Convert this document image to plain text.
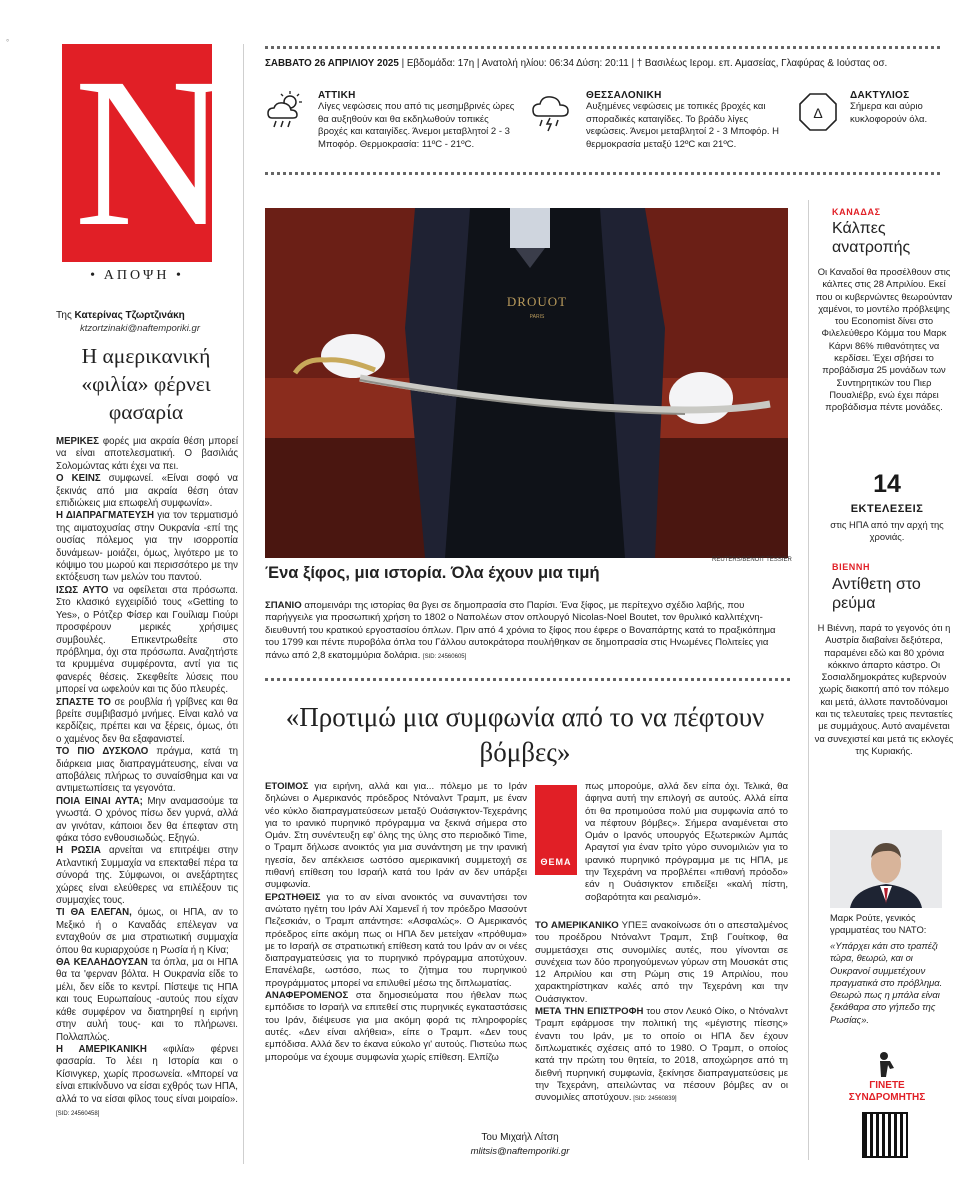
N
• ΑΠΟΨΗ •
Της Κατερίνας Τζωρτζινάκη
ktzortzinaki@naftemporiki.gr
Η αμερικανική «φιλία» φέρνει φασαρία

ΜΕΡΙΚΕΣ φορές μια ακραία θέση μπορεί να είναι αποτελεσματική. Ο βασιλιάς Σολομώντας κάτι έχει να πει.

Ο ΚΕΙΝΣ συμφωνεί. «Είναι σοφό να ξεκινάς από μια ακραία θέση όταν επιδιώκεις μια επωφελή συμφωνία».

Η ΔΙΑΠΡΑΓΜΑΤΕΥΣΗ για τον τερματισμό της αιματοχυσίας στην Ουκρανία -επί της ουσίας πόλεμος για την ισορροπία δυνάμεων- μοιάζει, όμως, λιγότερο με το κόψιμο του μωρού και περισσότερο με την εκτόξευση των μελών του παντού.

ΙΣΩΣ ΑΥΤΟ να οφείλεται στα πρόσωπα. Στο κλασικό εγχειρίδιό τους «Getting to Yes», ο Ρότζερ Φίσερ και Γουίλιαμ Γιούρι προσφέρουν μερικές χρήσιμες συμβουλές. Επικεντρωθείτε στο πρόβλημα, όχι στα πρόσωπα. Αναζητήστε τα κρυμμένα συμφέροντα, αντί για τις φανερές θέσεις. Σκεφθείτε λύσεις που μπορεί να ωφελούν και τις δύο πλευρές.

ΣΠΑΣΤΕ ΤΟ σε ρουβλία ή γρίβνες και θα βρείτε συμβιβασμό μνήμες. Είναι καλό να κερδίζεις, πρέπει και να ξέρεις, όμως, ότι ο χαμένος δεν θα εξαφανιστεί.

ΤΟ ΠΙΟ ΔΥΣΚΟΛΟ πράγμα, κατά τη διάρκεια μιας διαπραγμάτευσης, είναι να αποβάλεις πλήρως το συναίσθημα και να αντιμετωπίσεις τα γεγονότα.

ΠΟΙΑ ΕΙΝΑΙ ΑΥΤΑ; Μην αναμασούμε τα γνωστά. Ο χρόνος πίσω δεν γυρνά, αλλά αν γινόταν, κάποιοι δεν θα έπεφταν στη φάκα τόσο ενθουσιωδώς. Εξηγώ.

Η ΡΩΣΙΑ αρνείται να επιτρέψει στην Ατλαντική Συμμαχία να επεκταθεί πέρα τα σύνορά της. Σύμφωνοι, οι ανεξάρτητες χώρες είναι ελεύθερες να επιλέξουν τις συμμαχίες τους.

ΤΙ ΘΑ ΕΛΕΓΑΝ, όμως, οι ΗΠΑ, αν το Μεξικό ή ο Καναδάς επέλεγαν να ενταχθούν σε μια στρατιωτική συμμαχία όπου θα κυριαρχούσε η Ρωσία ή η Κίνα;

ΘΑ ΚΕΛΑΗΔΟΥΣΑΝ τα όπλα, μα οι ΗΠΑ θα τα 'φερναν βόλτα. Η Ουκρανία είδε το μέλι, δεν είδε το κεντρί. Πίστεψε τις ΗΠΑ και τους Ευρωπαίους -αυτούς που είχαν κάθε συμφέρον να διατηρηθεί η ειρήνη στην αυλή τους- και το πλήρωνει. Πολλαπλώς.

Η ΑΜΕΡΙΚΑΝΙΚΗ «φιλία» φέρνει φασαρία. Το λέει η Ιστορία και ο Κίσινγκερ, χωρίς προσωνεία. «Μπορεί να είναι επικίνδυνο να είσαι εχθρός των ΗΠΑ, αλλά το να είσαι φίλος τους είναι μοιραίο». [SID: 24560458]

ΣΑΒΒΑΤΟ 26 ΑΠΡΙΛΙΟΥ 2025 | Εβδομάδα: 17η | Ανατολή ηλίου: 06:34 Δύση: 20:11 | † Βασιλέως Ιερομ. επ. Αμασείας, Γλαφύρας & Ιούστας οσ.
Δ
ΑΤΤΙΚΗ
Λίγες νεφώσεις που από τις μεσημβρινές ώρες θα αυξηθούν και θα εκδηλωθούν τοπικές βροχές και καταιγίδες. Άνεμοι μεταβλητοί 2 - 3 Μποφόρ. Θερμοκρασία: 11ºC - 21ºC.
ΘΕΣΣΑΛΟΝΙΚΗ
Αυξημένες νεφώσεις με τοπικές βροχές και σποραδικές καταιγίδες. Το βράδυ λίγες νεφώσεις. Άνεμοι μεταβλητοί 2 - 3 Μποφόρ. Η θερμοκρασία μεταξύ 12ºC και 21ºC.
ΔΑΚΤΥΛΙΟΣ
Σήμερα και αύριο κυκλοφορούν όλα.
DROUOT
PARIS
REUTERS/BENOIT TESSIER
Ένα ξίφος, μια ιστορία. Όλα έχουν μια τιμή
ΣΠΑΝΙΟ απομεινάρι της ιστορίας θα βγει σε δημοπρασία στο Παρίσι. Ένα ξίφος, με περίτεχνο σχέδιο λαβής, που παρήγγειλε για προσωπική χρήση το 1802 ο Ναπολέων στον οπλουργό Nicolas-Noel Boutet, τον θρυλικό καλλιτέχνη-διευθυντή του κρατικού εργοστασίου όπλων. Πριν από 4 χρόνια το ξίφος που έφερε ο Βοναπάρτης κατά το πραξικόπημα του 1799 και πέντε πυροβόλα όπλα του Γάλλου αυτοκράτορα πουλήθηκαν σε δημοπρασία στις Ηνωμένες Πολιτείες για πάνω από 2,8 εκατομμύρια δολάρια. [SID: 24560605]
«Προτιμώ μια συμφωνία από το να πέφτουν βόμβες»

ΕΤΟΙΜΟΣ για ειρήνη, αλλά και για... πόλεμο με το Ιράν δηλώνει ο Αμερικανός πρόεδρος Ντόναλντ Τραμπ, με έναν νέο κύκλο διαπραγματεύσεων μεταξύ Ουάσιγκτον-Τεχεράνης για το ιρανικό πυρηνικό πρόγραμμα να ξεκινά σήμερα στο Ομάν. Στη συνέντευξη εφ' όλης της ύλης στο περιοδικό Time, ο Τραμπ δήλωσε ανοικτός για μια συνάντηση με την ιρανική ηγεσία, δεν απέκλεισε ωστόσο αμερικανική συμμετοχή σε πιθανή επίθεση του Ισραήλ κατά του Ιράν αν δεν υπάρξει συμφωνία.

ΕΡΩΤΗΘΕΙΣ για το αν είναι ανοικτός να συναντήσει τον ανώτατο ηγέτη του Ιράν Αλί Χαμενεΐ ή τον πρόεδρο Μασούντ Πεζεσκιάν, ο Τραμπ απάντησε: «Ασφαλώς». Ο Αμερικανός πρόεδρος είπε ακόμη πως οι ΗΠΑ δεν μετείχαν «πρόθυμα» με το Ισραήλ σε στρατιωτική επίθεση κατά του Ιράν αν οι νέες διαπραγματεύσεις για το πυρηνικό πρόγραμμα αποτύχουν. Επανέλαβε, ωστόσο, πως το ζήτημα του πυρηνικού προγράμματος μπορεί να επιλυθεί μέσω της διπλωματίας.

ΑΝΑΦΕΡΟΜΕΝΟΣ στα δημοσιεύματα που ήθελαν πως εμπόδισε το Ισραήλ να επιτεθεί στις πυρηνικές εγκαταστάσεις του Ιράν, διέψευσε για μια ακόμη φορά τις πληροφορίες αυτές. «Δεν είναι αλήθεια», είπε ο Τραμπ. «Δεν τους εμπόδισα. Αλλά δεν το έκανα εύκολο γι' αυτούς. Πιστεύω πως μπορούμε να έχουμε συμφωνία χωρίς επίθεση. Ελπίζω

ΘΕΜΑ
πως μπορούμε, αλλά δεν είπα όχι. Τελικά, θα άφηνα αυτή την επιλογή σε αυτούς. Αλλά είπα ότι θα προτιμούσα πολύ μια συμφωνία από το να πέφτουν βόμβες». Σήμερα αναμένεται στο Ομάν ο Ιρανός υπουργός Εξωτερικών Αμπάς Αραγτσί για έναν τρίτο γύρο συνομιλιών για το ιρανικό πυρηνικό πρόγραμμα με τις ΗΠΑ, με την Τεχεράνη να προβλέπει «πιθανή πρόοδο» εάν η Ουάσιγκτον επιδείξει «καλή πίστη, σοβαρότητα και ρεαλισμό».

ΤΟ ΑΜΕΡΙΚΑΝΙΚΟ ΥΠΕΞ ανακοίνωσε ότι ο απεσταλμένος του προέδρου Ντόναλντ Τραμπ, Στιβ Γουίτκοφ, θα συμμετάσχει στις συνομιλίες αυτές, που γίνονται σε συνέχεια των δύο προηγούμενων γύρων στη Μουσκάτ στις 12 Απριλίου και στη Ρώμη στις 19 Απριλίου, που χαρακτηρίστηκαν καλές από την Τεχεράνη και την Ουάσιγκτον.

ΜΕΤΑ ΤΗΝ ΕΠΙΣΤΡΟΦΗ του στον Λευκό Οίκο, ο Ντόναλντ Τραμπ εφάρμοσε την πολιτική της «μέγιστης πίεσης» έναντι του Ιράν, με το οποίο οι ΗΠΑ δεν έχουν διπλωματικές σχέσεις από το 1980. Ο Τραμπ, ο οποίος κατά την πρώτη του θητεία, το 2018, αποχώρησε από τη διεθνή πυρηνική συμφωνία, ξεκίνησε διαπραγματεύσεις με την Τεχεράνη, απειλώντας να πέσουν βόμβες αν οι συνομιλίες αποτύχουν. [SID: 24560839]

Του Μιχαήλ Λίτση
mlitsis@naftemporiki.gr
ΚΑΝΑΔΑΣ
Κάλπες ανατροπής
Οι Καναδοί θα προσέλθουν στις κάλπες στις 28 Απριλίου. Εκεί που οι κυβερνώντες θεωρούνταν χαμένοι, το μοντέλο πρόβλεψης του Economist δίνει στο Φιλελεύθερο Κόμμα του Μαρκ Κάρνι 86% πιθανότητες να κερδίσει. Έχει σβήσει το προβάδισμα 25 μονάδων των Συντηρητικών του Πιερ Πουαλιέβρ, ενώ έχει πάρει προβάδισμα πέντε μονάδες.
14
ΕΚΤΕΛΕΣΕΙΣ
στις ΗΠΑ από την αρχή της χρονιάς.
ΒΙΕΝΝΗ
Αντίθετη στο ρεύμα
Η Βιέννη, παρά το γεγονός ότι η Αυστρία διαβαίνει δεξιότερα, παραμένει εδώ και 80 χρόνια κόκκινο άπαρτο κάστρο. Οι Σοσιαλδημοκράτες κυβερνούν χωρίς διακοπή από τον πόλεμο και μετά, άλλοτε παντοδύναμοι και τις τελευταίες τρεις πενταετίες με συμμάχους. Αυτό αναμένεται να συνεχιστεί και μετά τις εκλογές της Κυριακής.
Μαρκ Ρούτε, γενικός γραμματέας του ΝΑΤΟ:
«Υπάρχει κάτι στο τραπέζι τώρα, θεωρώ, και οι Ουκρανοί συμμετέχουν πραγματικά στο πρόβλημα. Θεωρώ πως η μπάλα είναι ξεκάθαρα στο γήπεδο της Ρωσίας».
ΓΙΝΕΤΕ ΣΥΝΔΡΟΜΗΤΗΣ
°
